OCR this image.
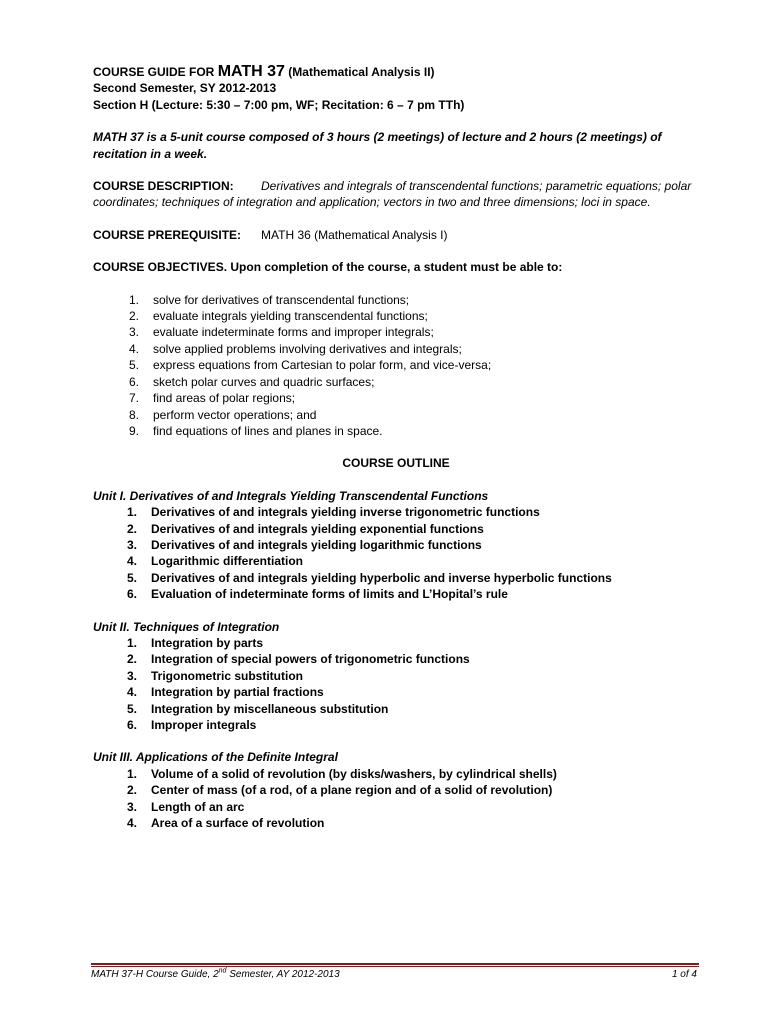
COURSE GUIDE FOR MATH 37 (Mathematical Analysis II)

Second Semester, SY 2012-2013

Section H (Lecture: 5:30 – 7:00 pm, WF; Recitation: 6 – 7 pm TTh)

MATH 37 is a 5-unit course composed of 3 hours (2 meetings) of lecture and 2 hours (2 meetings) of recitation in a week.

COURSE DESCRIPTION: Derivatives and integrals of transcendental functions; parametric equations; polar coordinates; techniques of integration and application; vectors in two and three dimensions; loci in space.

COURSE PREREQUISITE: MATH 36 (Mathematical Analysis I)

COURSE OBJECTIVES. Upon completion of the course, a student must be able to:

1. solve for derivatives of transcendental functions;
2. evaluate integrals yielding transcendental functions;
3. evaluate indeterminate forms and improper integrals;
4. solve applied problems involving derivatives and integrals;
5. express equations from Cartesian to polar form, and vice-versa;
6. sketch polar curves and quadric surfaces;
7. find areas of polar regions;
8. perform vector operations; and
9. find equations of lines and planes in space.

COURSE OUTLINE

Unit I. Derivatives of and Integrals Yielding Transcendental Functions

1. Derivatives of and integrals yielding inverse trigonometric functions
2. Derivatives of and integrals yielding exponential functions
3. Derivatives of and integrals yielding logarithmic functions
4. Logarithmic differentiation
5. Derivatives of and integrals yielding hyperbolic and inverse hyperbolic functions
6. Evaluation of indeterminate forms of limits and L’Hopital’s rule

Unit II. Techniques of Integration

1. Integration by parts
2. Integration of special powers of trigonometric functions
3. Trigonometric substitution
4. Integration by partial fractions
5. Integration by miscellaneous substitution
6. Improper integrals

Unit III. Applications of the Definite Integral

1. Volume of a solid of revolution (by disks/washers, by cylindrical shells)
2. Center of mass (of a rod, of a plane region and of a solid of revolution)
3. Length of an arc
4. Area of a surface of revolution
MATH 37-H Course Guide, 2nd Semester, AY 2012-2013	1 of 4
